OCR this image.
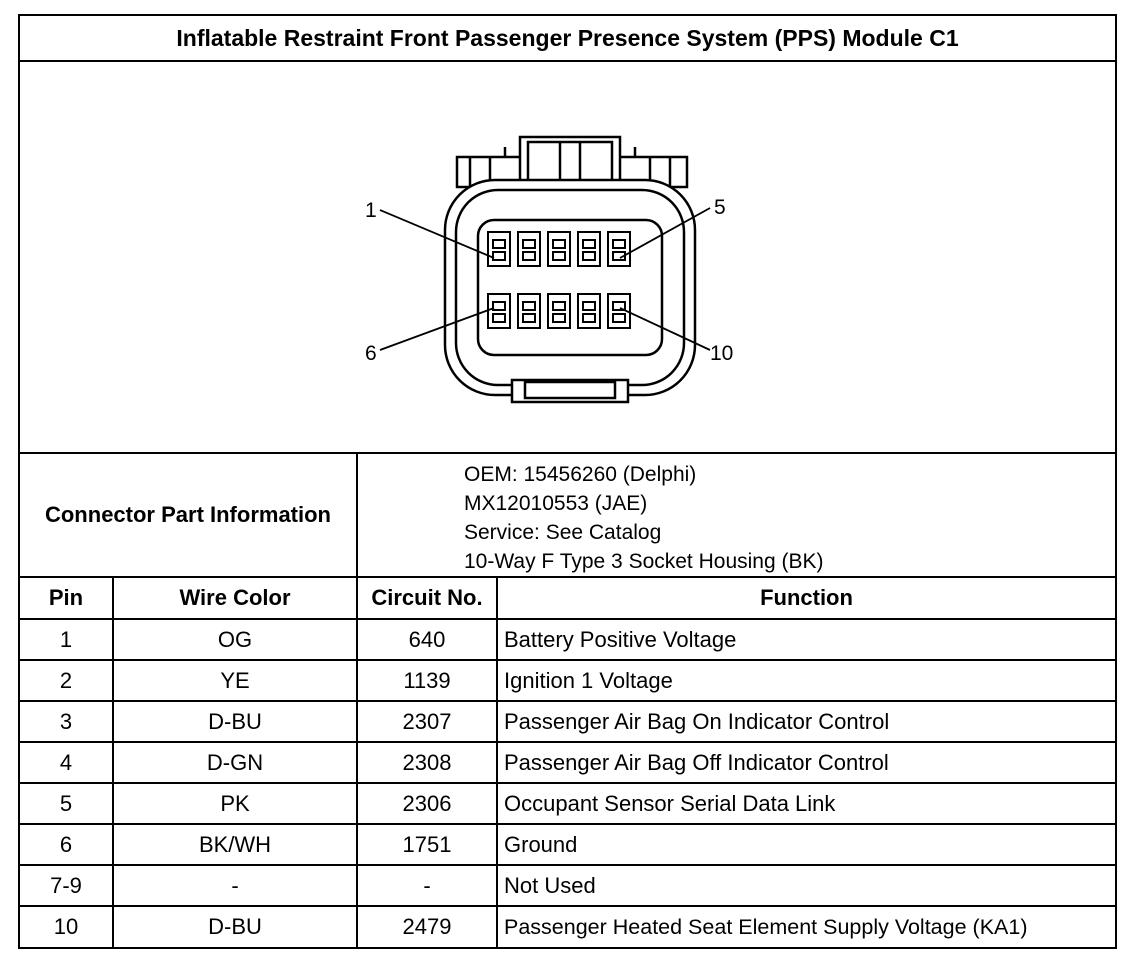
Inflatable Restraint Front Passenger Presence System (PPS) Module C1
1	5
6	10
Connector Part Information
OEM: 15456260 (Delphi)
MX12010553 (JAE)
Service: See Catalog
10-Way F Type 3 Socket Housing (BK)
Pin	Wire Color	Circuit No.	Function
1	OG	640	Battery Positive Voltage
2	YE	1139	Ignition 1 Voltage
3	D-BU	2307	Passenger Air Bag On Indicator Control
4	D-GN	2308	Passenger Air Bag Off Indicator Control
5	PK	2306	Occupant Sensor Serial Data Link
6	BK/WH	1751	Ground
7-9	-	-	Not Used
10	D-BU	2479	Passenger Heated Seat Element Supply Voltage (KA1)
